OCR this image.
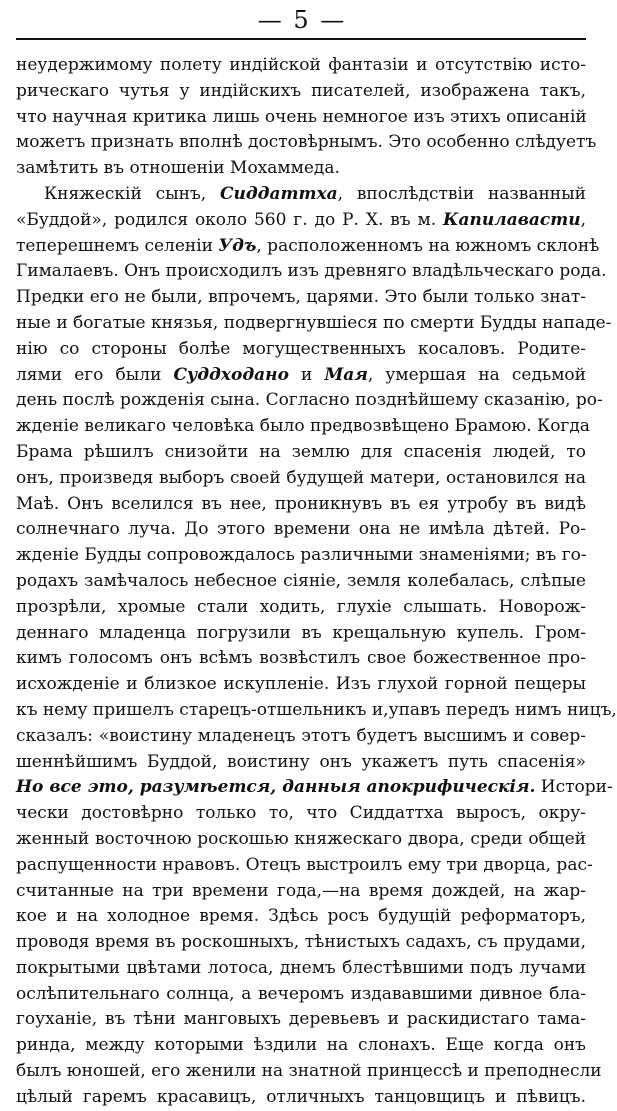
— 5 —
неудержимому полету индійской фантазіи и отсутствію исто-
рическаго чутья у индійскихъ писателей, изображена такъ,
что научная критика лишь очень немногое изъ этихъ описаній
можетъ признать вполнѣ достовѣрнымъ. Это особенно слѣдуетъ
замѣтить въ отношеніи Мохаммеда.
Княжескій сынъ, Сиддаттха, впослѣдствіи названный
«Буддой», родился около 560 г. до Р. Х. въ м. Капилавасти,
теперешнемъ селеніи Удъ, расположенномъ на южномъ склонѣ
Гималаевъ. Онъ происходилъ изъ древняго владѣльческаго рода.
Предки его не были, впрочемъ, царями. Это были только знат-
ные и богатые князья, подвергнувшіеся по смерти Будды нападе-
нію со стороны болѣе могущественныхъ косаловъ. Родите-
лями его были Суддходано и Мая, умершая на седьмой
день послѣ рожденія сына. Согласно позднѣйшему сказанію, ро-
жденіе великаго человѣка было предвозвѣщено Брамою. Когда
Брама рѣшилъ снизойти на землю для спасенія людей, то
онъ, произведя выборъ своей будущей матери, остановился на
Маѣ. Онъ вселился въ нее, проникнувъ въ ея утробу въ видѣ
солнечнаго луча. До этого времени она не имѣла дѣтей. Ро-
жденіе Будды сопровождалось различными знаменіями; въ го-
родахъ замѣчалось небесное сіяніе, земля колебалась, слѣпые
прозрѣли, хромые стали ходить, глухіе слышать. Новорож-
деннаго младенца погрузили въ крещальную купель. Гром-
кимъ голосомъ онъ всѣмъ возвѣстилъ свое божественное про-
исхожденіе и близкое искупленіе. Изъ глухой горной пещеры
къ нему пришелъ старецъ-отшельникъ и,упавъ передъ нимъ ницъ,
сказалъ: «воистину младенецъ этотъ будетъ высшимъ и совер-
шеннѣйшимъ Буддой, воистину онъ укажетъ путь спасенія»
Но все это, разумѣется, данныя апокрифическія. Истори-
чески достовѣрно только то, что Сиддаттха выросъ, окру-
женный восточною роскошью княжескаго двора, среди общей
распущенности нравовъ. Отецъ выстроилъ ему три дворца, рас-
считанные на три времени года,—на время дождей, на жар-
кое и на холодное время. Здѣсь росъ будущій реформаторъ,
проводя время въ роскошныхъ, тѣнистыхъ садахъ, съ прудами,
покрытыми цвѣтами лотоса, днемъ блестѣвшими подъ лучами
ослѣпительнаго солнца, а вечеромъ издававшими дивное бла-
гоуханіе, въ тѣни манговыхъ деревьевъ и раскидистаго тама-
ринда, между которыми ѣздили на слонахъ. Еще когда онъ
былъ юношей, его женили на знатной принцессѣ и преподнесли
цѣлый гаремъ красавицъ, отличныхъ танцовщицъ и пѣвицъ.
